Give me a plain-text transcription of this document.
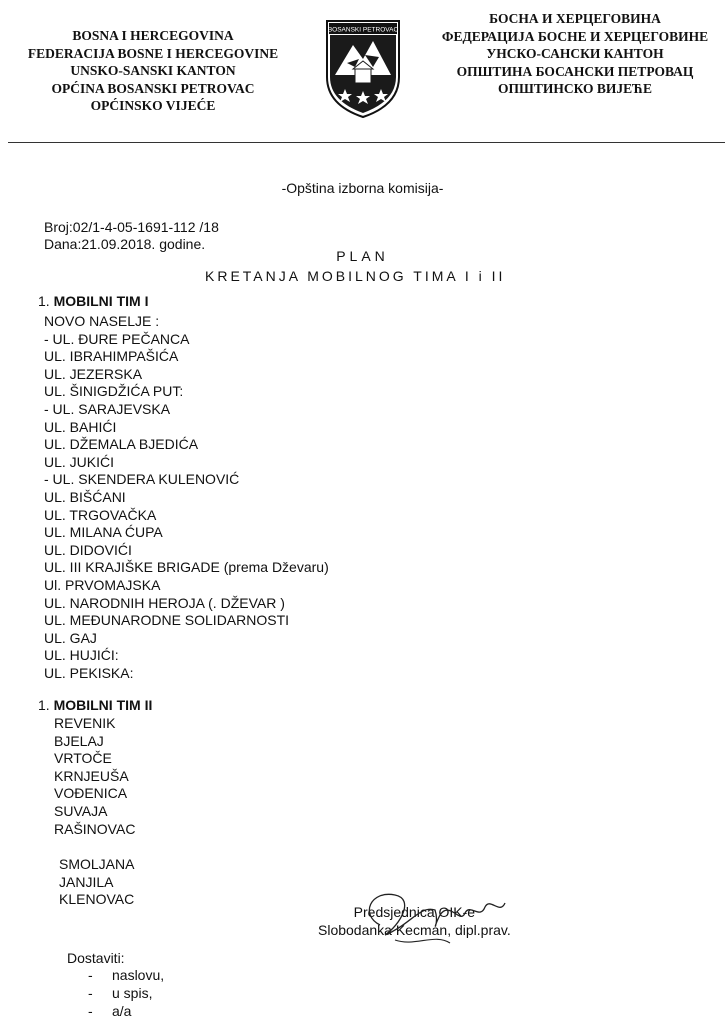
BOSNA I HERCEGOVINA
FEDERACIJA BOSNE I HERCEGOVINE
UNSKO-SANSKI KANTON
OPĆINA BOSANSKI PETROVAC
OPĆINSKO VIJEĆE
BOSANSKI PETROVAC
БОСНА И ХЕРЦЕГОВИНА
ФЕДЕРАЦИЈА БОСНЕ И ХЕРЦЕГОВИНЕ
УНСКО-САНСКИ КАНТОН
ОПШТИНА БОСАНСКИ ПЕТРОВАЦ
ОПШТИНСКО ВИЈЕЋЕ
-Opština izborna komisija-
Broj:02/1-4-05-1691-112 /18
Dana:21.09.2018. godine.
PLAN
KRETANJA MOBILNOG TIMA I i II
1. MOBILNI TIM I
NOVO NASELJE :
- UL. ĐURE PEČANCA
UL. IBRAHIMPAŠIĆA
UL. JEZERSKA
UL. ŠINIGDŽIĆA PUT:
- UL. SARAJEVSKA
UL. BAHIĆI
UL. DŽEMALA BJEDIĆA
UL. JUKIĆI
- UL. SKENDERA KULENOVIĆ
UL. BIŠĆANI
UL. TRGOVAČKA
UL. MILANA ĆUPA
UL. DIDOVIĆI
UL. III KRAJIŠKE BRIGADE (prema Dževaru)
Ul. PRVOMAJSKA
UL. NARODNIH HEROJA (. DŽEVAR )
UL. MEĐUNARODNE SOLIDARNOSTI
UL. GAJ
UL. HUJIĆI:
UL. PEKISKA:
1. MOBILNI TIM II
REVENIK
BJELAJ
VRTOČE
KRNJEUŠA
VOĐENICA
SUVAJA
RAŠINOVAC
SMOLJANA
JANJILA
KLENOVAC
Predsjednica OIK-e
Slobodanka Kecman, dipl.prav.
Dostaviti:
-	naslovu,
-	u spis,
-	a/a
